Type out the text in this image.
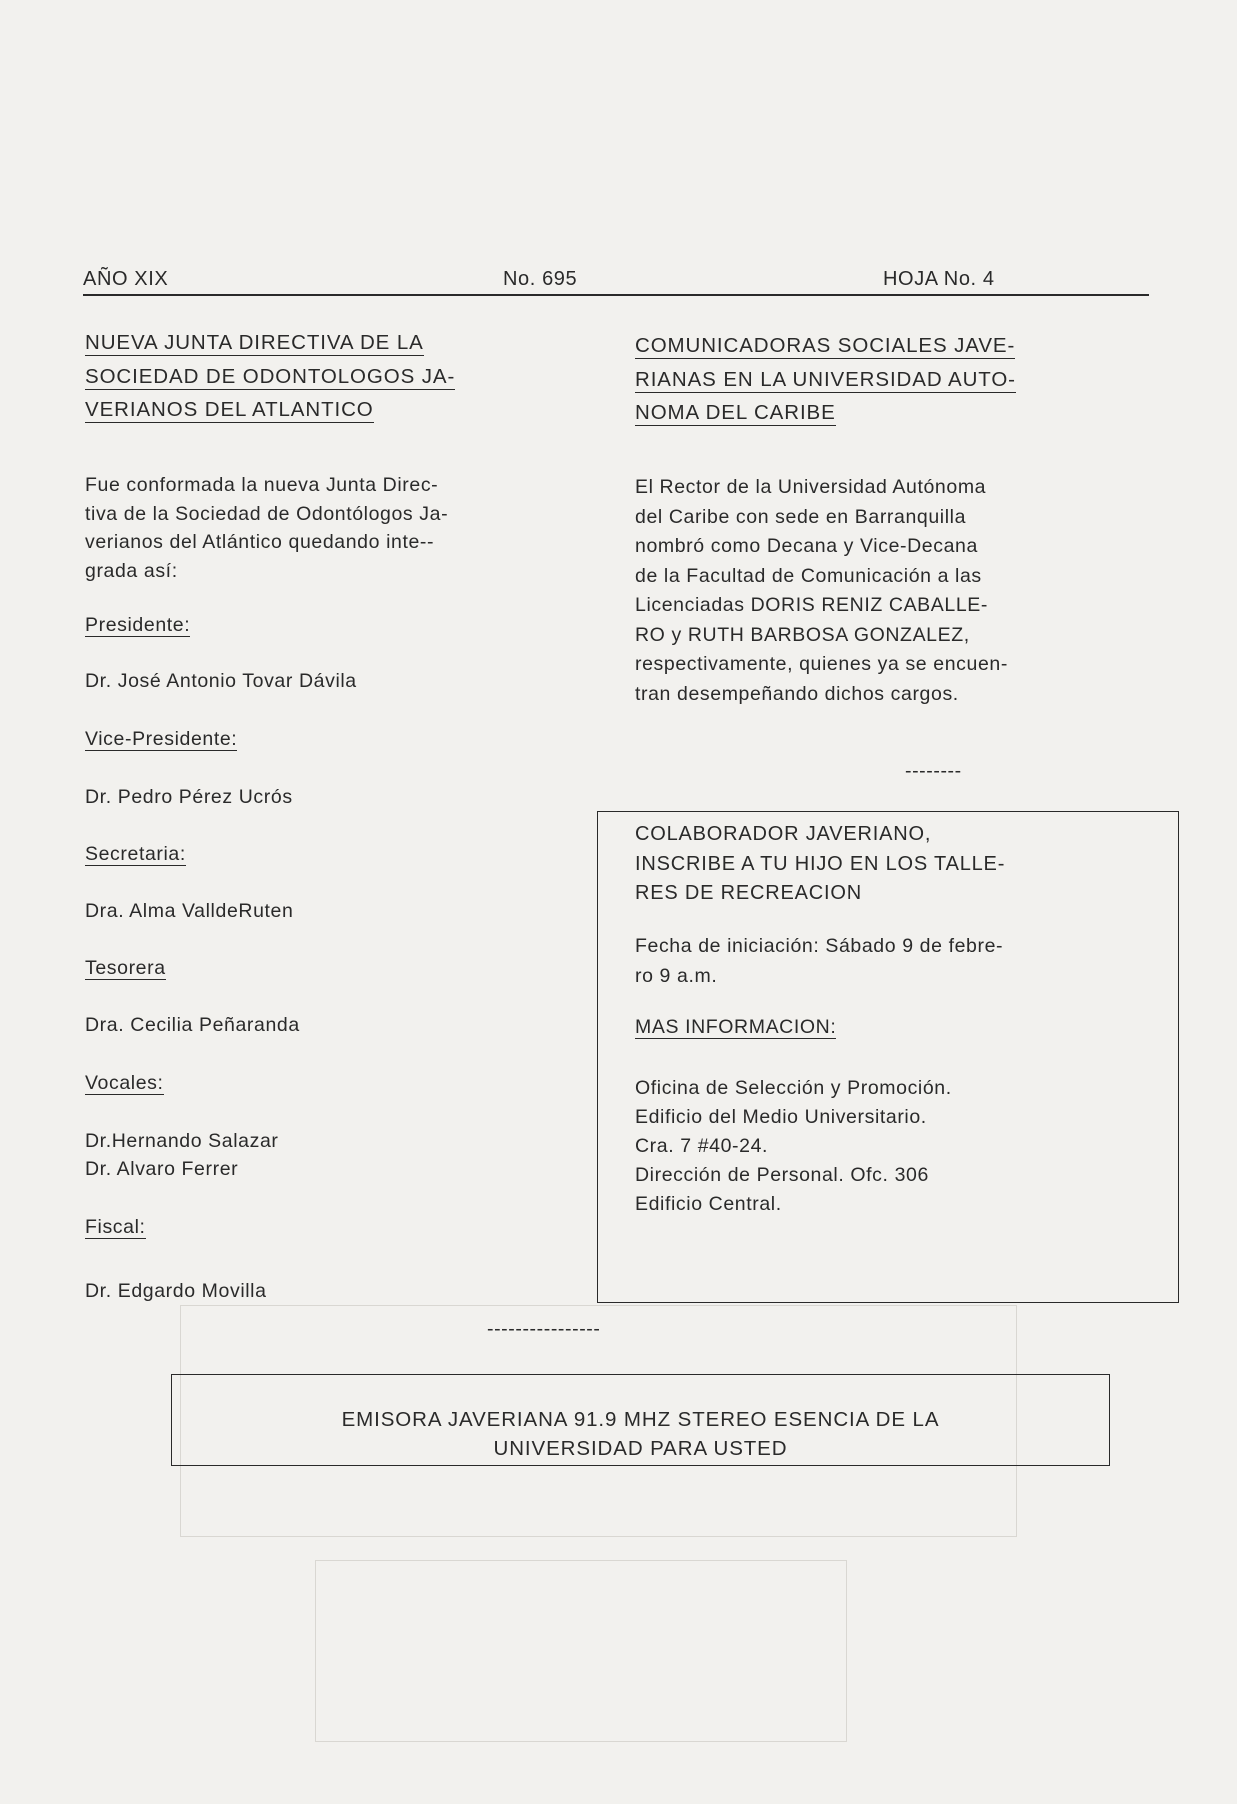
AÑO XIX	No. 695	HOJA No. 4
NUEVA JUNTA DIRECTIVA DE LA
SOCIEDAD DE ODONTOLOGOS JA-
VERIANOS DEL ATLANTICO
Fue conformada la nueva Junta Direc-
tiva de la Sociedad de Odontólogos Ja-
verianos del Atlántico quedando inte--
grada así:
Presidente:
Dr. José Antonio Tovar Dávila
Vice-Presidente:
Dr. Pedro Pérez Ucrós
Secretaria:
Dra. Alma ValldeRuten
Tesorera
Dra. Cecilia Peñaranda
Vocales:
Dr.Hernando Salazar
Dr. Alvaro Ferrer
Fiscal:
Dr. Edgardo Movilla
COMUNICADORAS SOCIALES JAVE-
RIANAS EN LA UNIVERSIDAD AUTO-
NOMA DEL CARIBE
El Rector de la Universidad Autónoma
del Caribe con sede en Barranquilla
nombró como Decana y Vice-Decana
de la Facultad de Comunicación a las
Licenciadas DORIS RENIZ CABALLE-
RO y RUTH BARBOSA GONZALEZ,
respectivamente, quienes ya se encuen-
tran desempeñando dichos cargos.
--------
COLABORADOR JAVERIANO,
INSCRIBE A TU HIJO EN LOS TALLE-
RES DE RECREACION
Fecha de iniciación: Sábado 9 de febre-
ro 9 a.m.
MAS INFORMACION:
Oficina de Selección y Promoción.
Edificio del Medio Universitario.
Cra. 7 #40-24.
Dirección de Personal. Ofc. 306
Edificio Central.
----------------
EMISORA JAVERIANA 91.9 MHZ STEREO ESENCIA DE LA
UNIVERSIDAD PARA USTED
